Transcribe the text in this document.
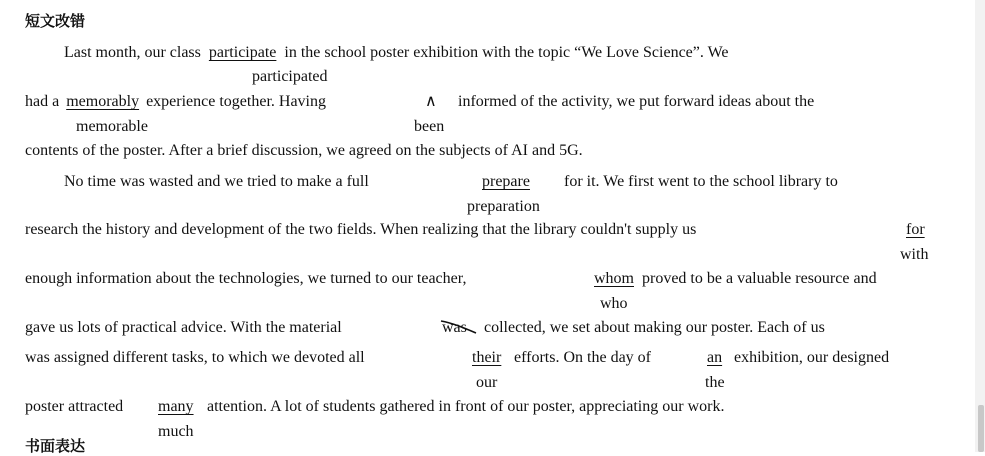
短文改错
Last month, our class participate in the school poster exhibition with the topic “We Love Science”. We
participated
had a memorably experience together. Having	∧ informed of the activity, we put forward ideas about the
memorable	been
contents of the poster. After a brief discussion, we agreed on the subjects of AI and 5G.
No time was wasted and we tried to make a full	prepare for it. We first went to the school library to
preparation
research the history and development of the two fields. When realizing that the library couldn't supply us	for
with
enough information about the technologies, we turned to our teacher,	whom proved to be a valuable resource and
who
gave us lots of practical advice. With the material	was collected, we set about making our poster. Each of us
was assigned different tasks, to which we devoted all	their efforts. On the day of	an exhibition, our designed
our	the
poster attracted many attention. A lot of students gathered in front of our poster, appreciating our work.
much
书面表达
